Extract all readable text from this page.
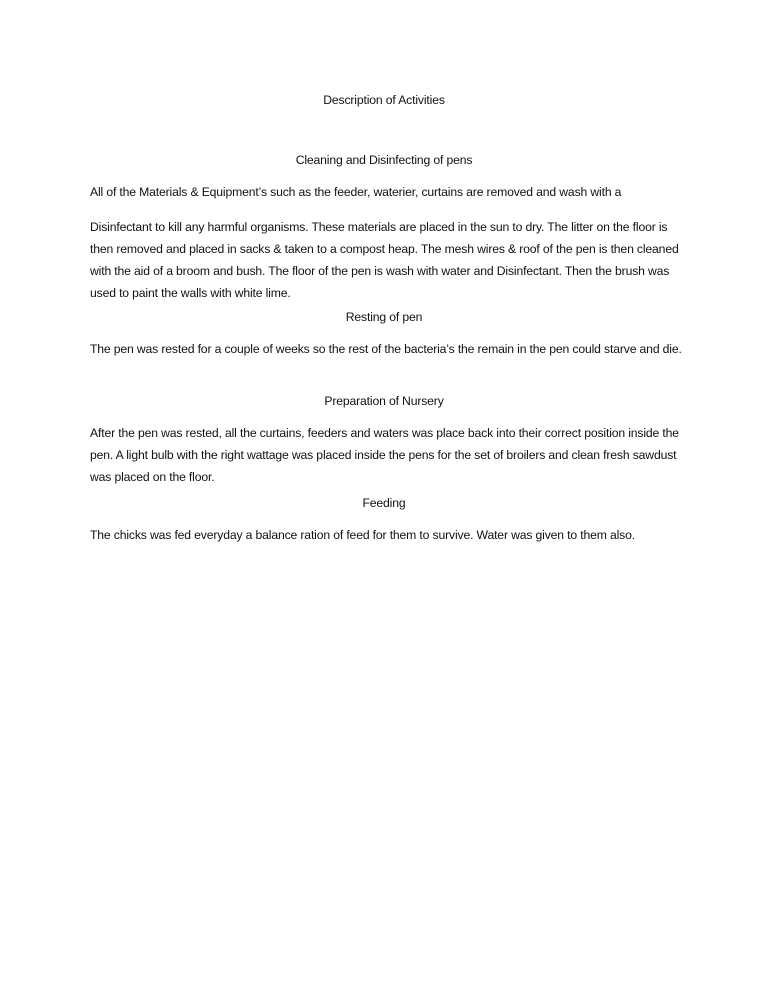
Description of Activities
Cleaning and Disinfecting of pens
All of the Materials & Equipment’s such as the feeder, waterier, curtains are removed and wash with a
Disinfectant to kill any harmful organisms. These materials are placed in the sun to dry. The litter on the floor is then removed and placed in sacks & taken to a compost heap. The mesh wires & roof of the pen is then cleaned with the aid of a broom and bush. The floor of the pen is wash with water and Disinfectant. Then the brush was used to paint the walls with white lime.
Resting of pen
The pen was rested for a couple of weeks so the rest of the bacteria’s the remain in the pen could starve and die.
Preparation of Nursery
After the pen was rested, all the curtains, feeders and waters was place back into their correct position inside the pen. A light bulb with the right wattage was placed inside the pens for the set of broilers and clean fresh sawdust was placed on the floor.
Feeding
The chicks was fed everyday a balance ration of feed for them to survive. Water was given to them also.
